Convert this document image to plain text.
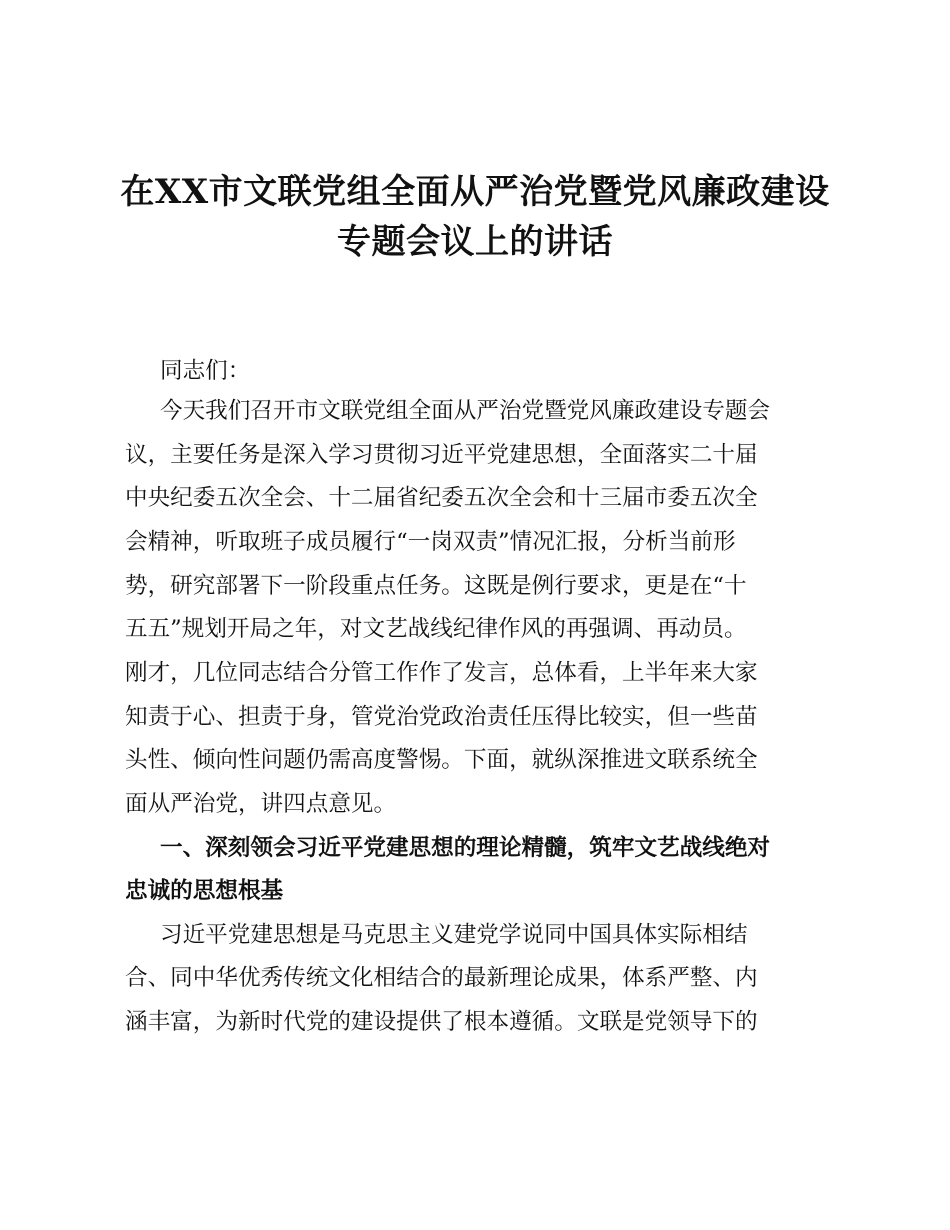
在XX市文联党组全面从严治党暨党风廉政建设
专题会议上的讲话

同志们：

今天我们召开市文联党组全面从严治党暨党风廉政建设专题会

议，主要任务是深入学习贯彻习近平党建思想，全面落实二十届

中央纪委五次全会、十二届省纪委五次全会和十三届市委五次全

会精神，听取班子成员履行“一岗双责”情况汇报，分析当前形

势，研究部署下一阶段重点任务。这既是例行要求，更是在“十

五五”规划开局之年，对文艺战线纪律作风的再强调、再动员。

刚才，几位同志结合分管工作作了发言，总体看，上半年来大家

知责于心、担责于身，管党治党政治责任压得比较实，但一些苗

头性、倾向性问题仍需高度警惕。下面，就纵深推进文联系统全

面从严治党，讲四点意见。

一、深刻领会习近平党建思想的理论精髓，筑牢文艺战线绝对

忠诚的思想根基

习近平党建思想是马克思主义建党学说同中国具体实际相结

合、同中华优秀传统文化相结合的最新理论成果，体系严整、内

涵丰富，为新时代党的建设提供了根本遵循。文联是党领导下的
